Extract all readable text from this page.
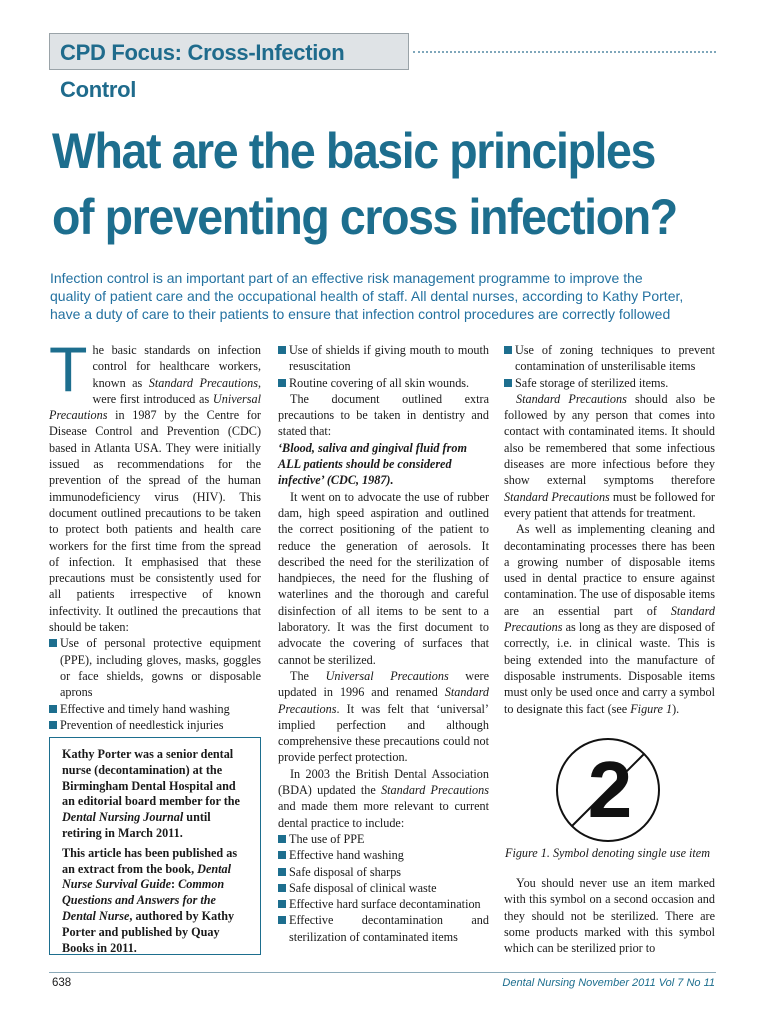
CPD Focus: Cross-Infection Control
What are the basic principles
of preventing cross infection?
Infection control is an important part of an effective risk management programme to improve the
quality of patient care and the occupational health of staff. All dental nurses, according to Kathy Porter,
have a duty of care to their patients to ensure that infection control procedures are correctly followed

The basic standards on infection control for healthcare workers, known as Standard Precautions, were first introduced as Universal Precautions in 1987 by the Centre for Disease Control and Prevention (CDC) based in Atlanta USA. They were initially issued as recommendations for the prevention of the spread of the human immunodeficiency virus (HIV). This document outlined precautions to be taken to protect both patients and health care workers for the first time from the spread of infection. It emphasised that these precautions must be consistently used for all patients irrespective of known infectivity. It outlined the precautions that should be taken:

Use of personal protective equipment (PPE), including gloves, masks, goggles or face shields, gowns or disposable aprons
Effective and timely hand washing
Prevention of needlestick injuries

Kathy Porter was a senior dental nurse (decontamination) at the Birmingham Dental Hospital and an editorial board member for the Dental Nursing Journal until retiring in March 2011.

This article has been published as an extract from the book, Dental Nurse Survival Guide: Common Questions and Answers for the Dental Nurse, authored by Kathy Porter and published by Quay Books in 2011.

Use of shields if giving mouth to mouth resuscitation
Routine covering of all skin wounds.

The document outlined extra precautions to be taken in dentistry and stated that:

‘Blood, saliva and gingival fluid from ALL patients should be considered infective’ (CDC, 1987).

It went on to advocate the use of rubber dam, high speed aspiration and outlined the correct positioning of the patient to reduce the generation of aerosols. It described the need for the sterilization of handpieces, the need for the flushing of waterlines and the thorough and careful disinfection of all items to be sent to a laboratory. It was the first document to advocate the covering of surfaces that cannot be sterilized.

The Universal Precautions were updated in 1996 and renamed Standard Precautions. It was felt that ‘universal’ implied perfection and although comprehensive these precautions could not provide perfect protection.

In 2003 the British Dental Association (BDA) updated the Standard Precautions and made them more relevant to current dental practice to include:

The use of PPE
Effective hand washing
Safe disposal of sharps
Safe disposal of clinical waste
Effective hard surface decontamination
Effective decontamination and sterilization of contaminated items
Use of zoning techniques to prevent contamination of unsterilisable items
Safe storage of sterilized items.

Standard Precautions should also be followed by any person that comes into contact with contaminated items. It should also be remembered that some infectious diseases are more infectious before they show external symptoms therefore Standard Precautions must be followed for every patient that attends for treatment.

As well as implementing cleaning and decontaminating processes there has been a growing number of disposable items used in dental practice to ensure against contamination. The use of disposable items are an essential part of Standard Precautions as long as they are disposed of correctly, i.e. in clinical waste. This is being extended into the manufacture of disposable instruments. Disposable items must only be used once and carry a symbol to designate this fact (see Figure 1).

2
Figure 1. Symbol denoting single use item

You should never use an item marked with this symbol on a second occasion and they should not be sterilized. There are some products marked with this symbol which can be sterilized prior to

638	Dental Nursing November 2011 Vol 7 No 11
